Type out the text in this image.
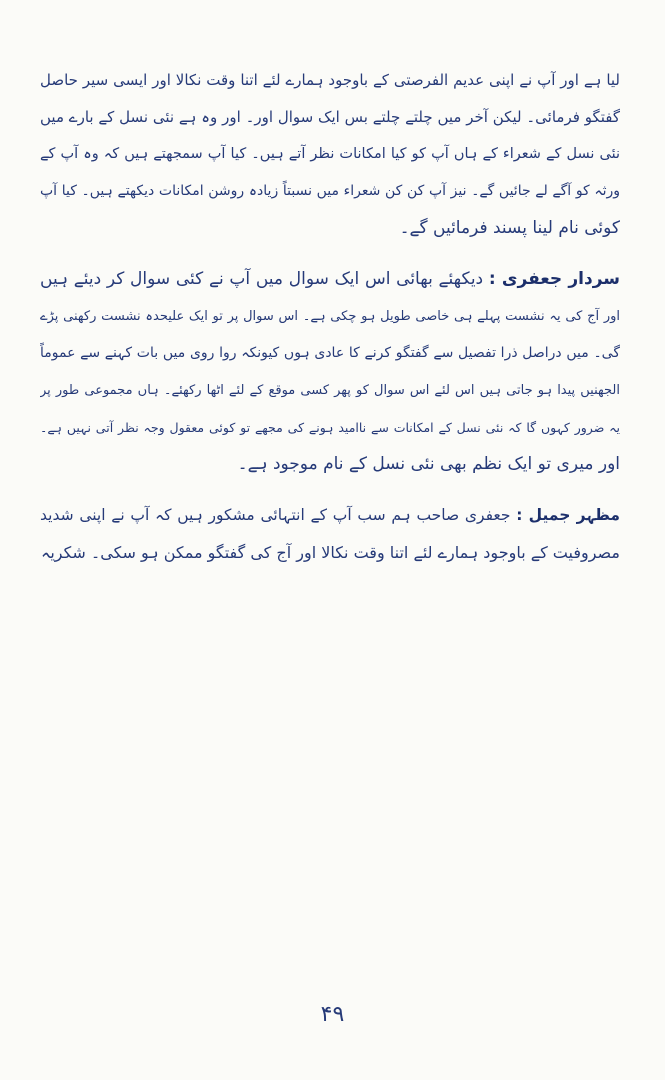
لیا ہے اور آپ نے اپنی عدیم الفرصتی کے باوجود ہمارے لئے اتنا وقت نکالا اور ایسی سیر حاصل
گفتگو فرمائی۔ لیکن آخر میں چلتے چلتے بس ایک سوال اور۔ اور وہ ہے نئی نسل کے بارے میں
نئی نسل کے شعراء کے ہاں آپ کو کیا امکانات نظر آتے ہیں۔ کیا آپ سمجھتے ہیں کہ وہ آپ کے
ورثہ کو آگے لے جائیں گے۔ نیز آپ کن کن شعراء میں نسبتاً زیادہ روشن امکانات دیکھتے ہیں۔ کیا آپ
کوئی نام لینا پسند فرمائیں گے۔
سردار جعفری : دیکھئے بھائی اس ایک سوال میں آپ نے کئی سوال کر دیئے ہیں
اور آج کی یہ نشست پہلے ہی خاصی طویل ہو چکی ہے۔ اس سوال پر تو ایک علیحدہ نشست رکھنی پڑے
گی۔ میں دراصل ذرا تفصیل سے گفتگو کرنے کا عادی ہوں کیونکہ روا روی میں بات کہنے سے عموماً
الجھنیں پیدا ہو جاتی ہیں اس لئے اس سوال کو پھر کسی موقع کے لئے اٹھا رکھئے۔ ہاں مجموعی طور پر
یہ ضرور کہوں گا کہ نئی نسل کے امکانات سے ناامید ہونے کی مجھے تو کوئی معقول وجہ نظر آتی نہیں ہے۔
اور میری تو ایک نظم بھی نئی نسل کے نام موجود ہے۔
مظہر جمیل : جعفری صاحب ہم سب آپ کے انتہائی مشکور ہیں کہ آپ نے اپنی شدید
مصروفیت کے باوجود ہمارے لئے اتنا وقت نکالا اور آج کی گفتگو ممکن ہو سکی۔ شکریہ
۴۹
